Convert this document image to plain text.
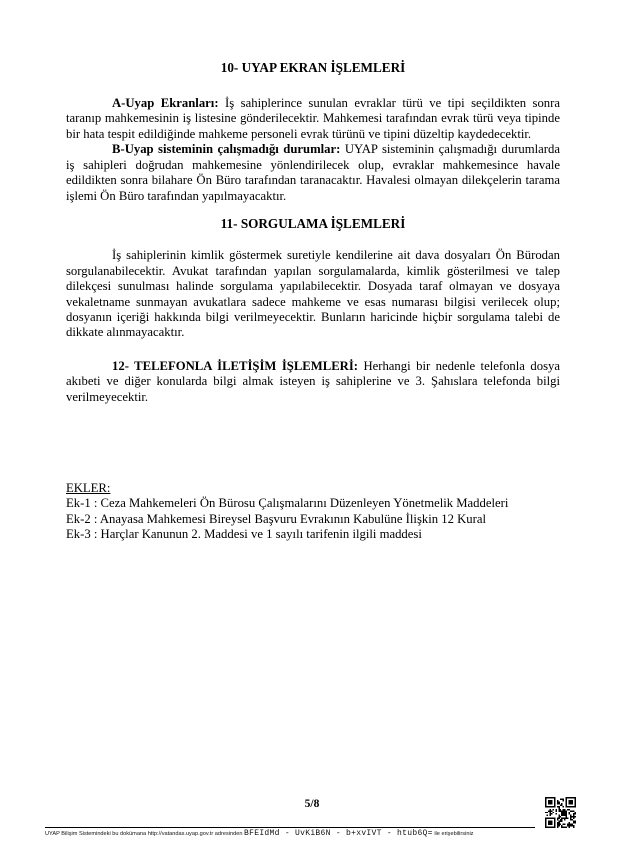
10- UYAP EKRAN İŞLEMLERİ

A-Uyap Ekranları: İş sahiplerince sunulan evraklar türü ve tipi seçildikten sonra taranıp mahkemesinin iş listesine gönderilecektir. Mahkemesi tarafından evrak türü veya tipinde bir hata tespit edildiğinde mahkeme personeli evrak türünü ve tipini düzeltip kaydedecektir.

B-Uyap sisteminin çalışmadığı durumlar: UYAP sisteminin çalışmadığı durumlarda iş sahipleri doğrudan mahkemesine yönlendirilecek olup, evraklar mahkemesince havale edildikten sonra bilahare Ön Büro tarafından taranacaktır. Havalesi olmayan dilekçelerin tarama işlemi Ön Büro tarafından yapılmayacaktır.

11- SORGULAMA İŞLEMLERİ

İş sahiplerinin kimlik göstermek suretiyle kendilerine ait dava dosyaları Ön Bürodan sorgulanabilecektir. Avukat tarafından yapılan sorgulamalarda, kimlik gösterilmesi ve talep dilekçesi sunulması halinde sorgulama yapılabilecektir. Dosyada taraf olmayan ve dosyaya vekaletname sunmayan avukatlara sadece mahkeme ve esas numarası bilgisi verilecek olup; dosyanın içeriği hakkında bilgi verilmeyecektir. Bunların haricinde hiçbir sorgulama talebi de dikkate alınmayacaktır.

12- TELEFONLA İLETİŞİM İŞLEMLERİ: Herhangi bir nedenle telefonla dosya akıbeti ve diğer konularda bilgi almak isteyen iş sahiplerine ve 3. Şahıslara telefonda bilgi verilmeyecektir.

EKLER:

Ek-1 : Ceza Mahkemeleri Ön Bürosu Çalışmalarını Düzenleyen Yönetmelik Maddeleri

Ek-2 : Anayasa Mahkemesi Bireysel Başvuru Evrakının Kabulüne İlişkin 12 Kural

Ek-3 : Harçlar Kanunun 2. Maddesi ve 1 sayılı tarifenin ilgili maddesi

5/8
UYAP Bilişim Sistemindeki bu dokümana http://vatandas.uyap.gov.tr adresinden BFEIdMd - UvKiB6N - b+xvIVT - htub6Q= ile erişebilirsiniz
